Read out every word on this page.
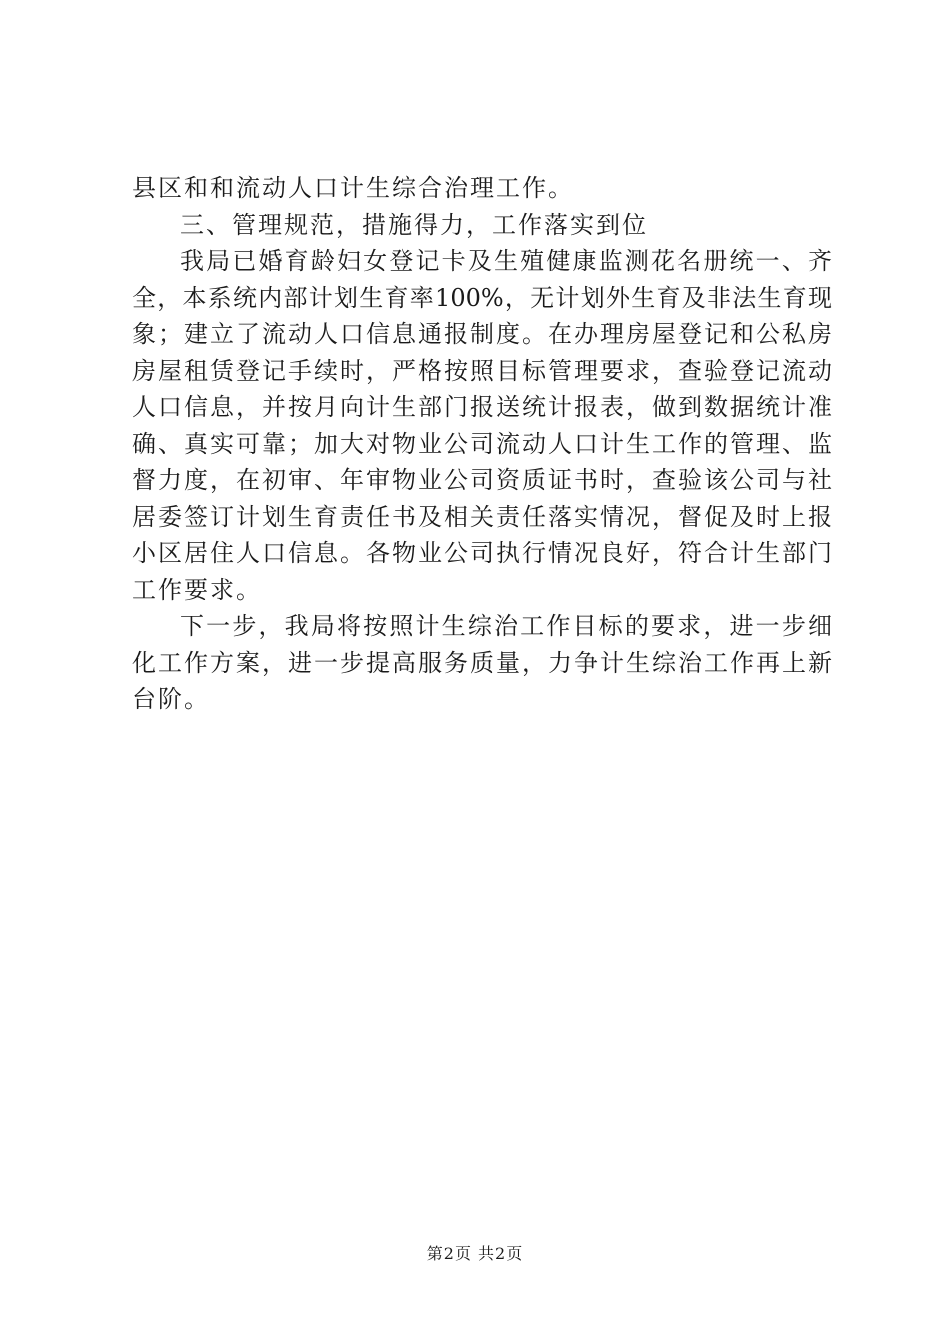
县区和和流动人口计生综合治理工作。
三、管理规范，措施得力，工作落实到位
我局已婚育龄妇女登记卡及生殖健康监测花名册统一、齐
全，本系统内部计划生育率100%，无计划外生育及非法生育现
象；建立了流动人口信息通报制度。在办理房屋登记和公私房
房屋租赁登记手续时，严格按照目标管理要求，查验登记流动
人口信息，并按月向计生部门报送统计报表，做到数据统计准
确、真实可靠；加大对物业公司流动人口计生工作的管理、监
督力度，在初审、年审物业公司资质证书时，查验该公司与社
居委签订计划生育责任书及相关责任落实情况，督促及时上报
小区居住人口信息。各物业公司执行情况良好，符合计生部门
工作要求。
下一步，我局将按照计生综治工作目标的要求，进一步细
化工作方案，进一步提高服务质量，力争计生综治工作再上新
台阶。
第2页 共2页
